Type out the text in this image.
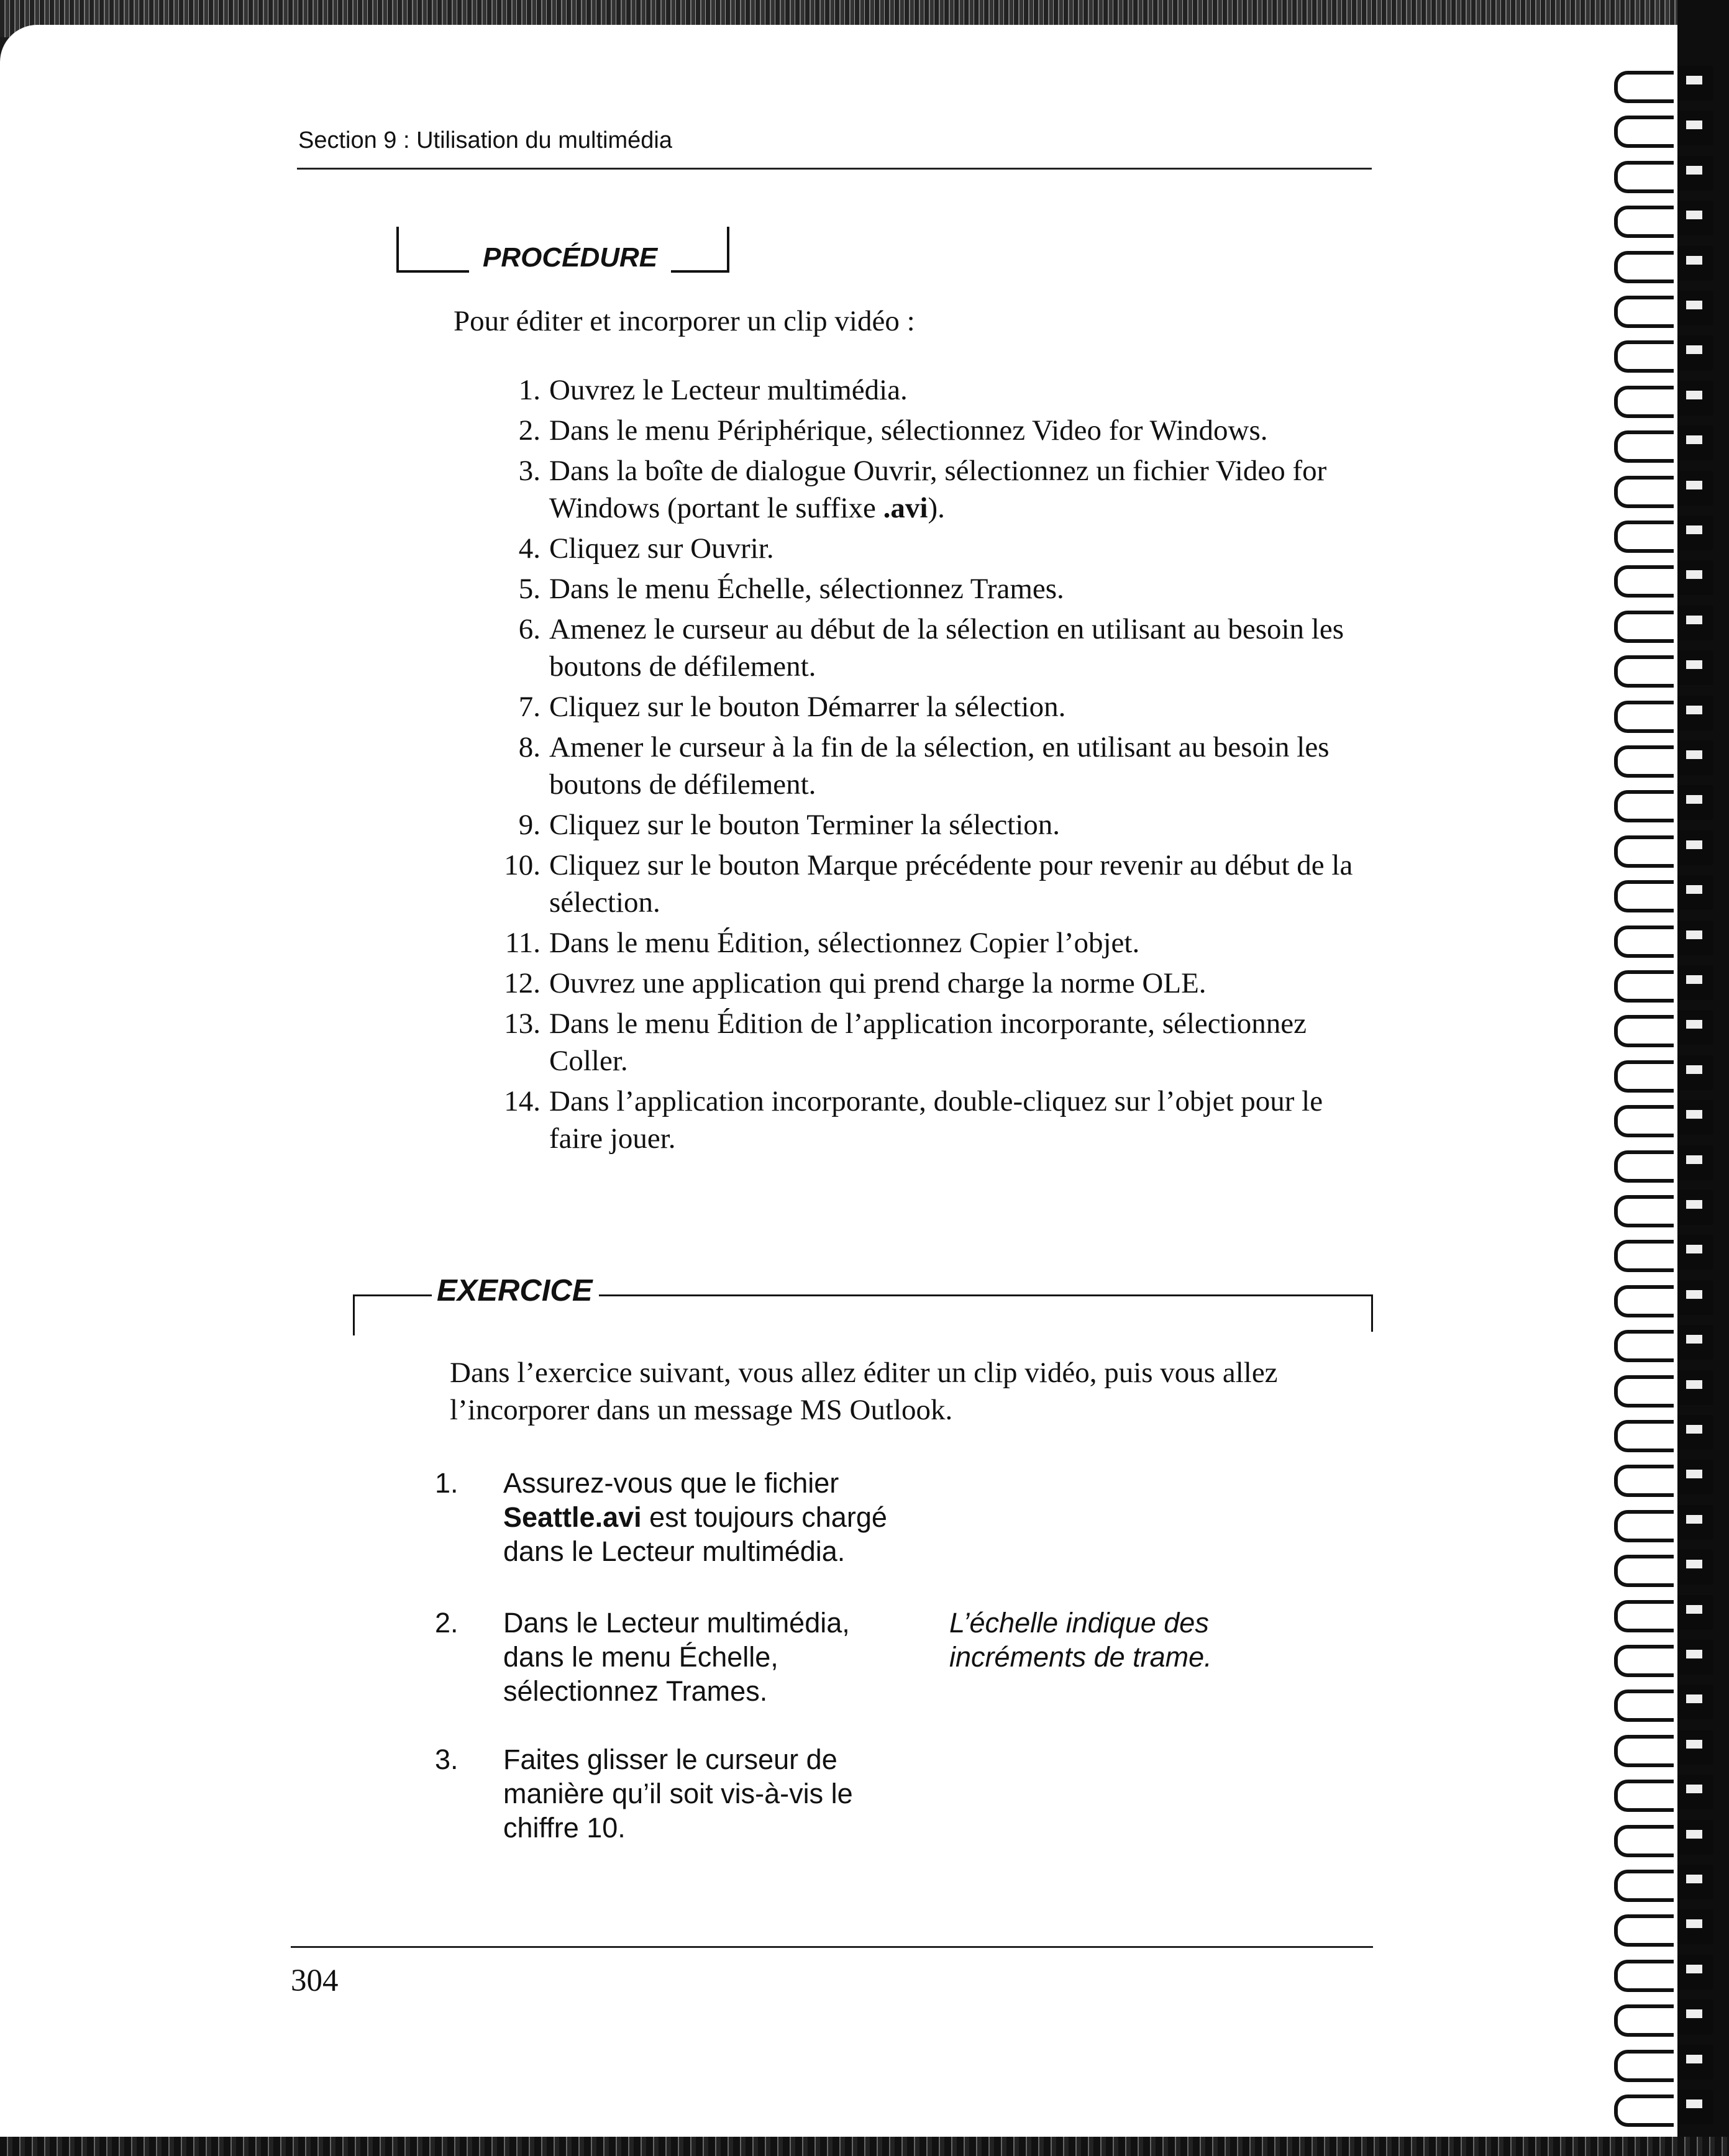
Section 9 : Utilisation du multimédia
PROCÉDURE
Pour éditer et incorporer un clip vidéo :
1. Ouvrez le Lecteur multimédia.
2. Dans le menu Périphérique, sélectionnez Video for Windows.
3. Dans la boîte de dialogue Ouvrir, sélectionnez un fichier Video for Windows (portant le suffixe .avi).
4. Cliquez sur Ouvrir.
5. Dans le menu Échelle, sélectionnez Trames.
6. Amenez le curseur au début de la sélection en utilisant au besoin les boutons de défilement.
7. Cliquez sur le bouton Démarrer la sélection.
8. Amener le curseur à la fin de la sélection, en utilisant au besoin les boutons de défilement.
9. Cliquez sur le bouton Terminer la sélection.
10. Cliquez sur le bouton Marque précédente pour revenir au début de la sélection.
11. Dans le menu Édition, sélectionnez Copier l’objet.
12. Ouvrez une application qui prend charge la norme OLE.
13. Dans le menu Édition de l’application incorporante, sélectionnez Coller.
14. Dans l’application incorporante, double-cliquez sur l’objet pour le faire jouer.
EXERCICE
Dans l’exercice suivant, vous allez éditer un clip vidéo, puis vous allez l’incorporer dans un message MS Outlook.
1. Assurez-vous que le fichier
Seattle.avi est toujours chargé dans le Lecteur multimédia.
2. Dans le Lecteur multimédia, dans le menu Échelle, sélectionnez Trames.
L’échelle indique des incréments de trame.
3. Faites glisser le curseur de manière qu’il soit vis-à-vis le chiffre 10.
304
